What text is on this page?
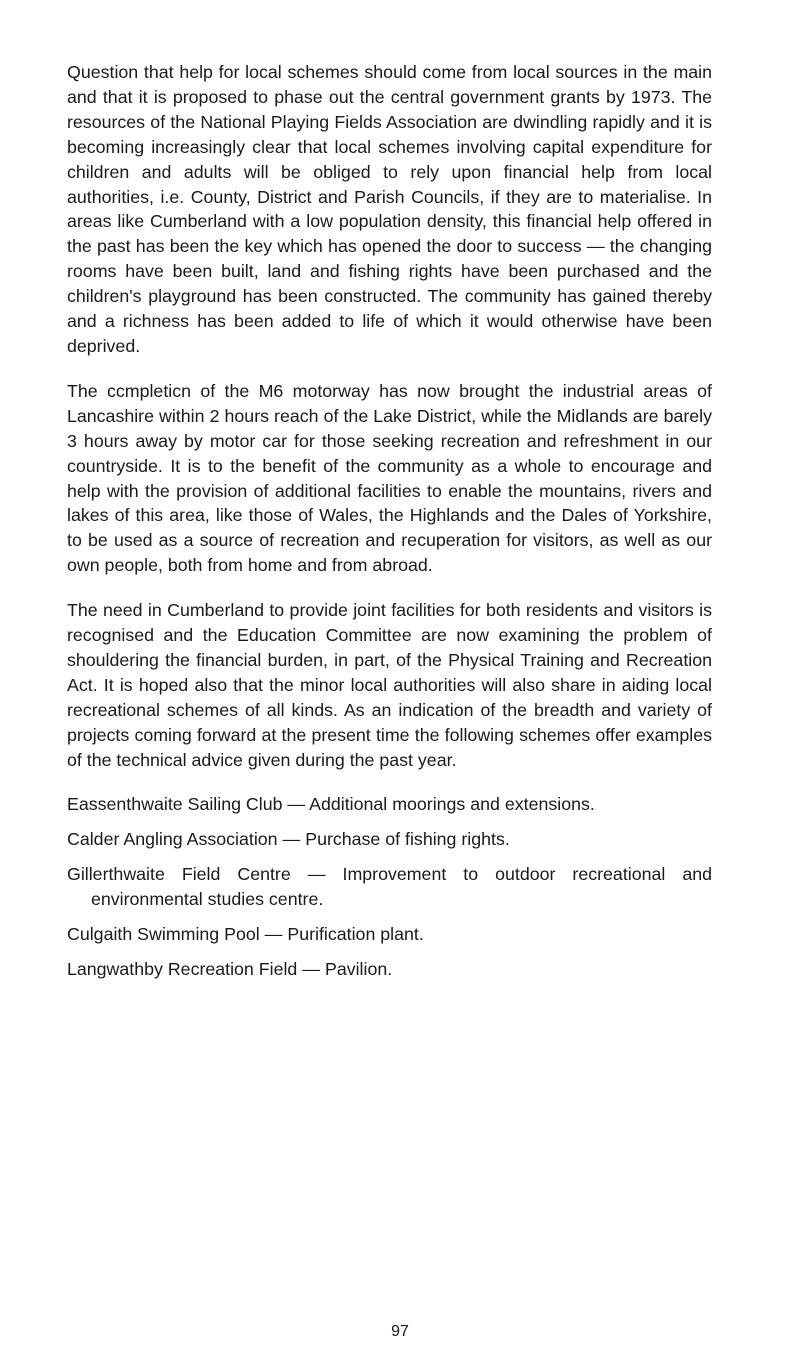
Question that help for local schemes should come from local sources in the main and that it is proposed to phase out the central government grants by 1973. The resources of the National Playing Fields Association are dwindling rapidly and it is becoming increasingly clear that local schemes involving capital expenditure for children and adults will be obliged to rely upon financial help from local authorities, i.e. County, District and Parish Councils, if they are to materialise. In areas like Cumberland with a low population density, this financial help offered in the past has been the key which has opened the door to success — the changing rooms have been built, land and fishing rights have been purchased and the children's playground has been constructed. The community has gained thereby and a richness has been added to life of which it would otherwise have been deprived.

The ccmpleticn of the M6 motorway has now brought the industrial areas of Lancashire within 2 hours reach of the Lake District, while the Midlands are barely 3 hours away by motor car for those seeking recreation and refreshment in our countryside. It is to the benefit of the community as a whole to encourage and help with the provision of additional facilities to enable the mountains, rivers and lakes of this area, like those of Wales, the Highlands and the Dales of Yorkshire, to be used as a source of recreation and recuperation for visitors, as well as our own people, both from home and from abroad.

The need in Cumberland to provide joint facilities for both residents and visitors is recognised and the Education Committee are now examining the problem of shouldering the financial burden, in part, of the Physical Training and Recreation Act. It is hoped also that the minor local authorities will also share in aiding local recreational schemes of all kinds. As an indication of the breadth and variety of projects coming forward at the present time the following schemes offer examples of the technical advice given during the past year.

Eassenthwaite Sailing Club — Additional moorings and extensions.
Calder Angling Association — Purchase of fishing rights.
Gillerthwaite Field Centre — Improvement to outdoor recreational and environmental studies centre.
Culgaith Swimming Pool — Purification plant.
Langwathby Recreation Field — Pavilion.
97
